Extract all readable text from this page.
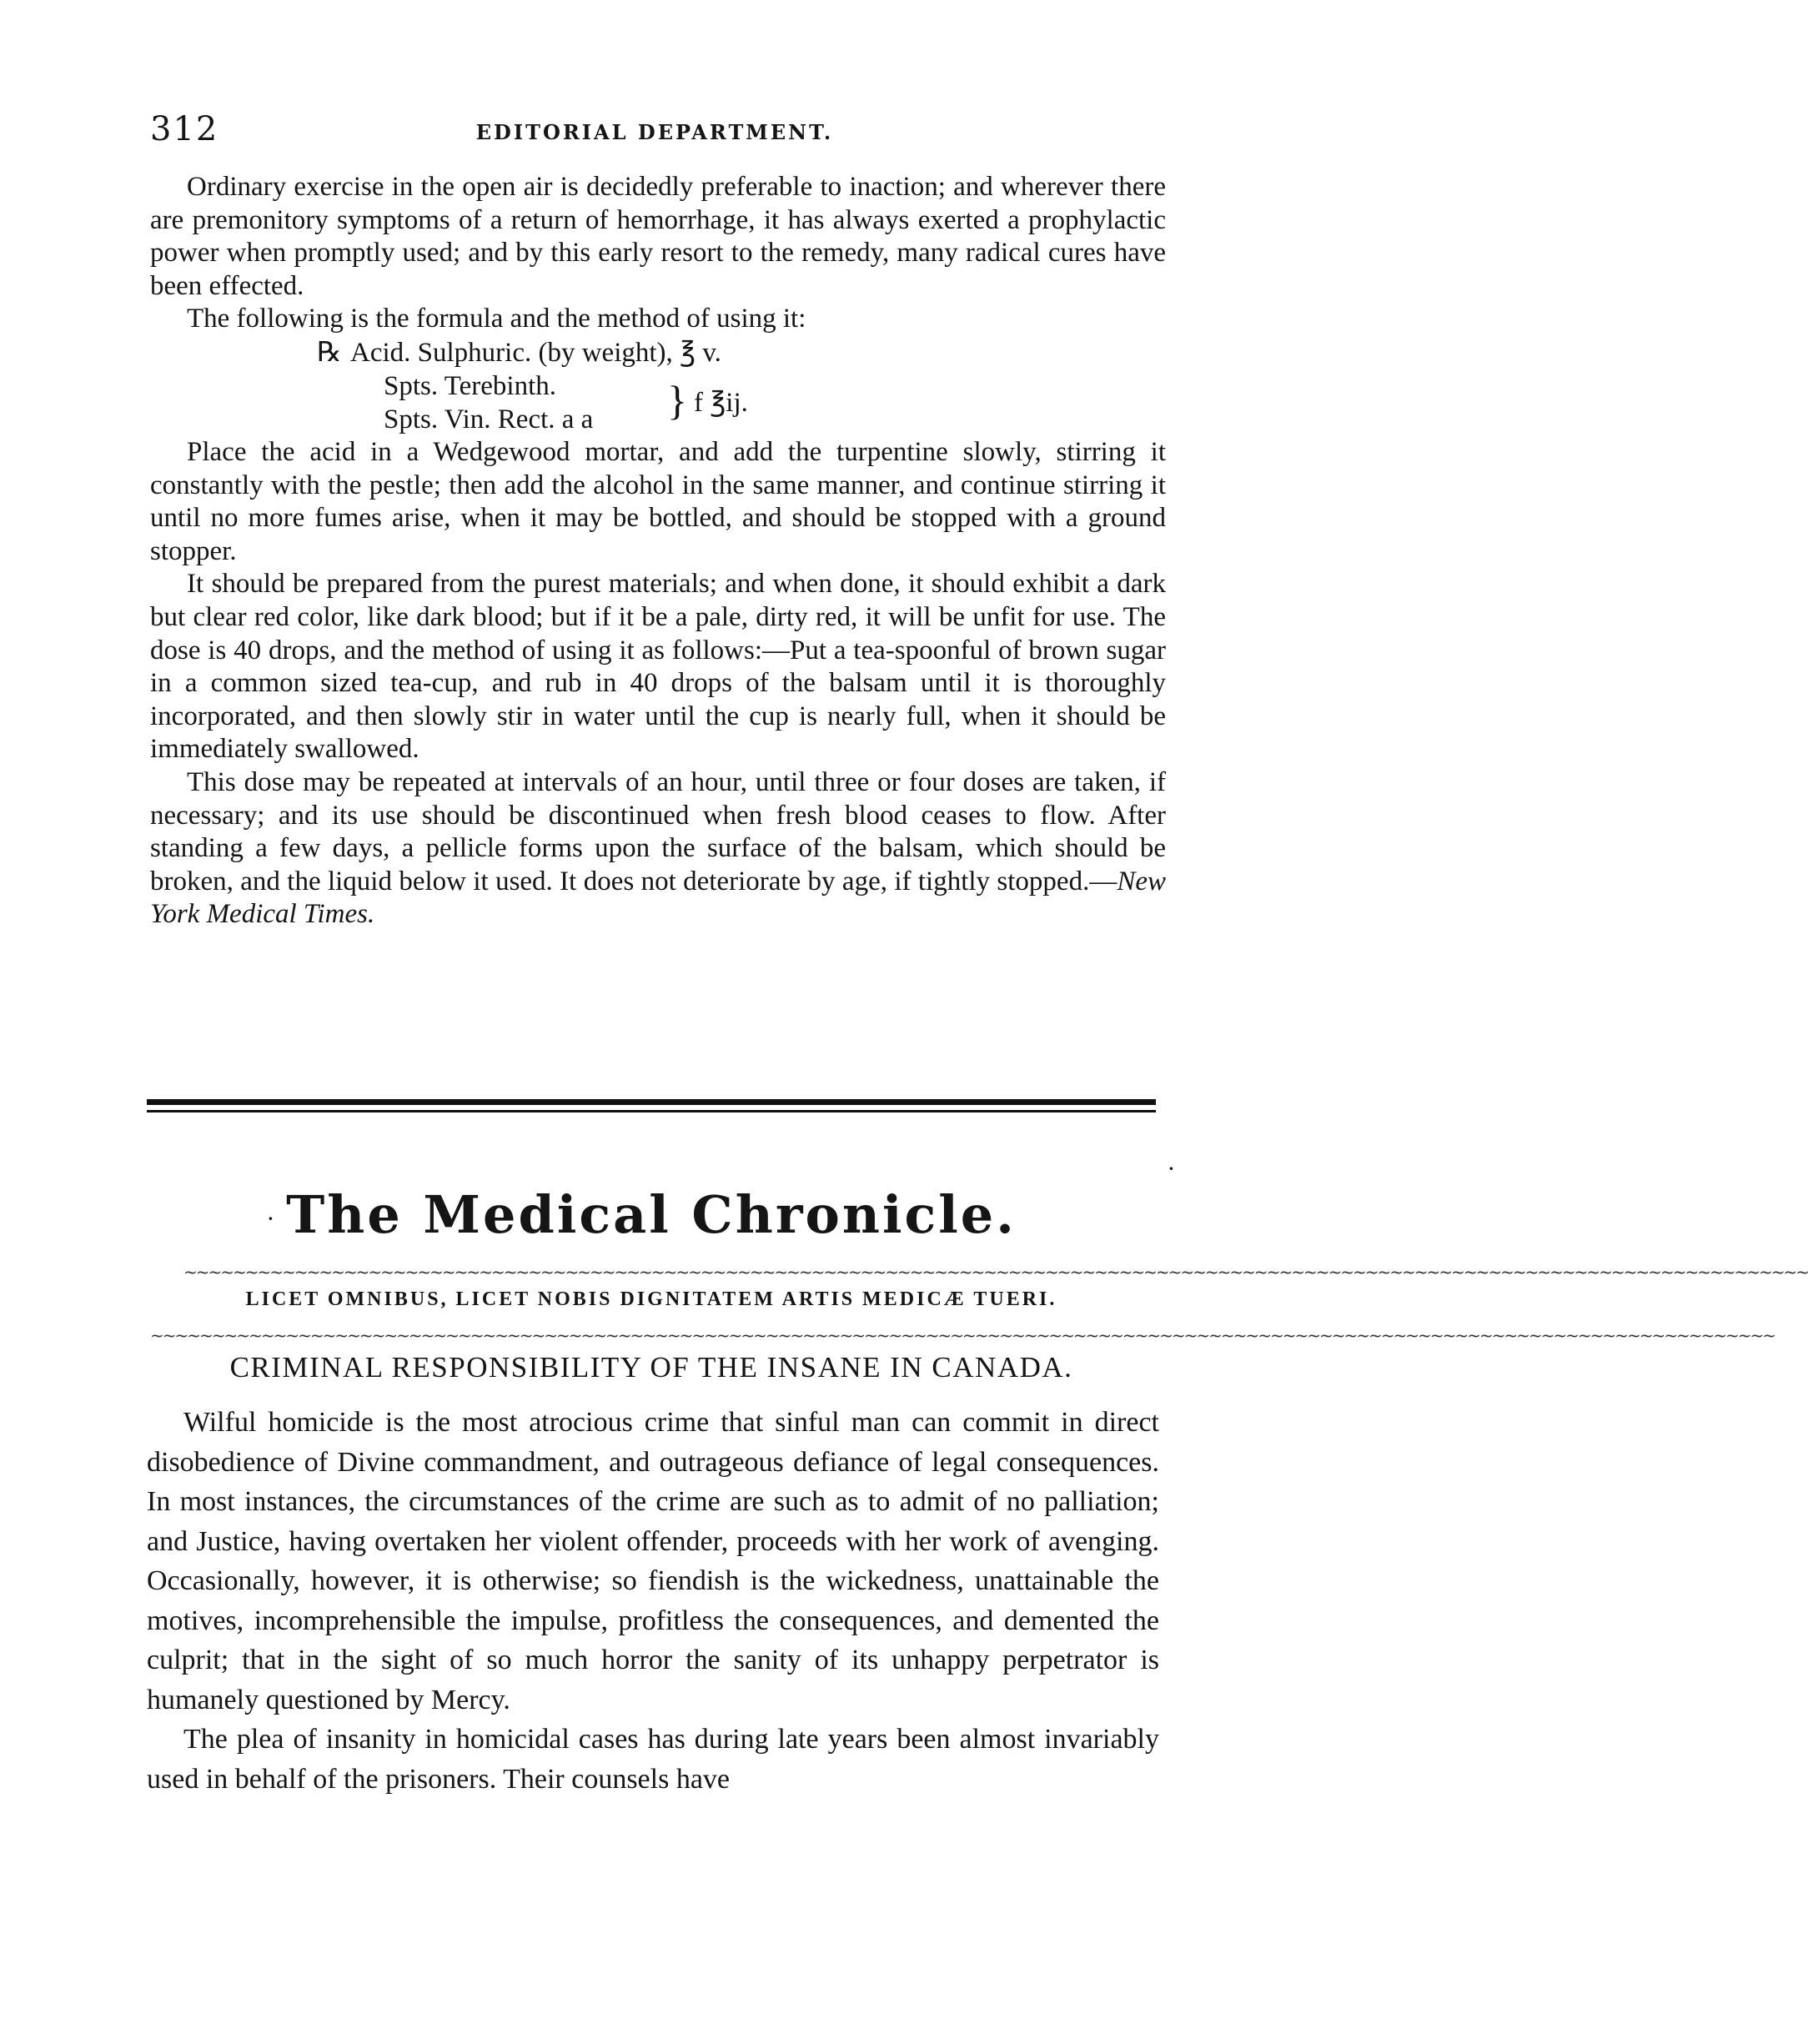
312	EDITORIAL DEPARTMENT.

Ordinary exercise in the open air is decidedly preferable to inaction; and wherever there are premonitory symptoms of a return of hemorrhage, it has always exerted a prophylactic power when promptly used; and by this early resort to the remedy, many radical cures have been effected.

The following is the formula and the method of using it:

℞ Acid. Sulphuric. (by weight), ℥ v.
Spts. Terebinth.
Spts. Vin. Rect. a a } f ℥ij.

Place the acid in a Wedgewood mortar, and add the turpentine slowly, stirring it constantly with the pestle; then add the alcohol in the same manner, and continue stirring it until no more fumes arise, when it may be bottled, and should be stopped with a ground stopper.

It should be prepared from the purest materials; and when done, it should exhibit a dark but clear red color, like dark blood; but if it be a pale, dirty red, it will be unfit for use. The dose is 40 drops, and the method of using it as follows:—Put a tea-spoonful of brown sugar in a common sized tea-cup, and rub in 40 drops of the balsam until it is thoroughly incorporated, and then slowly stir in water until the cup is nearly full, when it should be immediately swallowed.

This dose may be repeated at intervals of an hour, until three or four doses are taken, if necessary; and its use should be discontinued when fresh blood ceases to flow. After standing a few days, a pellicle forms upon the surface of the balsam, which should be broken, and the liquid below it used. It does not deteriorate by age, if tightly stopped.—New York Medical Times.

·
·
The Medical Chronicle.
~~~~~~~~~~~~~~~~~~~~~~~~~~~~~~~~~~~~~~~~~~~~~~~~~~~~~~~~~~~~~~~~~~~~~~~~~~~~~~~~~~~~~~~~~~~~~~~~~~~~~~~~~~~~~~~~~~~~~~~~~~~~~~~~~~~~
LICET OMNIBUS, LICET NOBIS DIGNITATEM ARTIS MEDICÆ TUERI.
~~~~~~~~~~~~~~~~~~~~~~~~~~~~~~~~~~~~~~~~~~~~~~~~~~~~~~~~~~~~~~~~~~~~~~~~~~~~~~~~~~~~~~~~~~~~~~~~~~~~~~~~~~~~~~~~~~~~~~~~~~~~~~~~~~~~
CRIMINAL RESPONSIBILITY OF THE INSANE IN CANADA.

Wilful homicide is the most atrocious crime that sinful man can commit in direct disobedience of Divine commandment, and outrageous defiance of legal consequences. In most instances, the circumstances of the crime are such as to admit of no palliation; and Justice, having overtaken her violent offender, proceeds with her work of avenging. Occasionally, however, it is otherwise; so fiendish is the wickedness, unattainable the motives, incomprehensible the impulse, profitless the consequences, and demented the culprit; that in the sight of so much horror the sanity of its unhappy perpetrator is humanely questioned by Mercy.

The plea of insanity in homicidal cases has during late years been almost invariably used in behalf of the prisoners. Their counsels have
